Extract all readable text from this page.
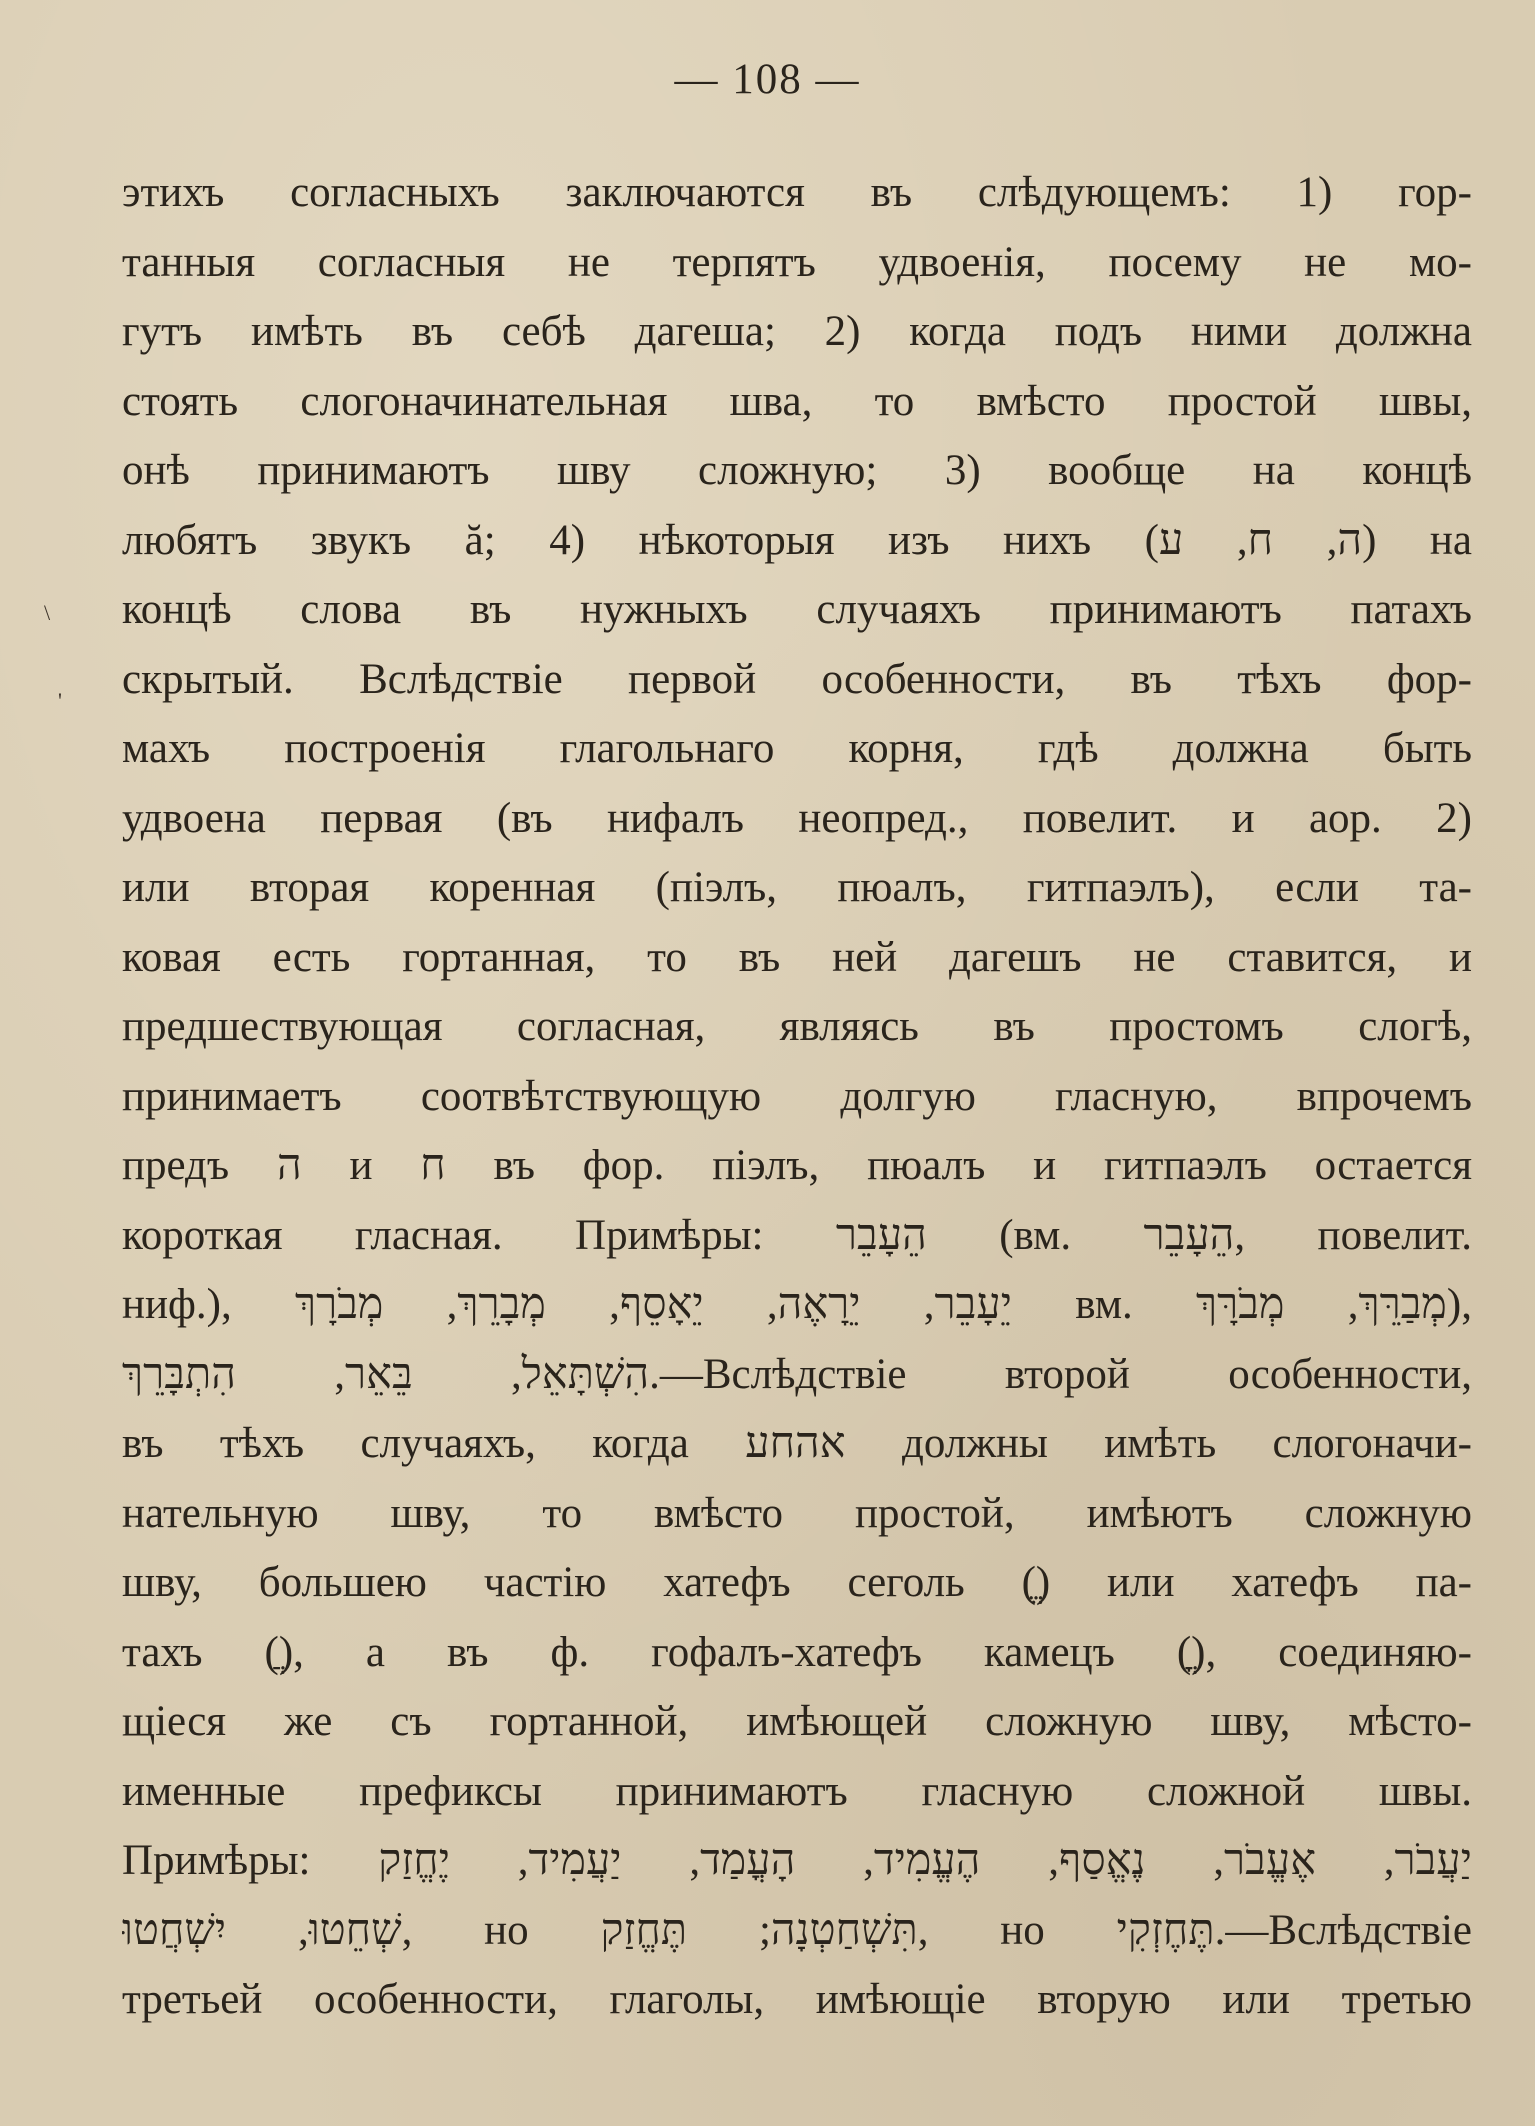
— 108 —
\
'
этихъ согласныхъ заключаются въ слѣдующемъ: 1) гор-
танныя согласныя не терпятъ удвоенія, посему не мо-
гутъ имѣть въ себѣ дагеша; 2) когда подъ ними должна
стоять слогоначинательная шва, то вмѣсто простой швы,
онѣ принимаютъ шву сложную; 3) вообще на концѣ
любятъ звукъ ă; 4) нѣкоторыя изъ нихъ (ה, ח, ע) на
концѣ слова въ нужныхъ случаяхъ принимаютъ патахъ
скрытый. Вслѣдствіе первой особенности, въ тѣхъ фор-
махъ построенія глагольнаго корня, гдѣ должна быть
удвоена первая (въ нифалъ неопред., повелит. и аор. 2)
или вторая коренная (піэлъ, пюалъ, гитпаэлъ), если та-
ковая есть гортанная, то въ ней дагешъ не ставится, и
предшествующая согласная, являясь въ простомъ слогѣ,
принимаетъ соотвѣтствующую долгую гласную, впрочемъ
предъ ה и ח въ фор. піэлъ, пюалъ и гитпаэлъ остается
короткая гласная. Примѣры: הֵעָבֵר (вм. הֵעָבֵר, повелит.
ниф.), יֵעָבֵר, יֵרָאֶה, יֵאָסֵף, מְבָרֵךְ, מְבֹרָךְ вм. מְבַרֵּךְ, מְבֹרָּךְ),
הִשְׁתָּאֵל, בֵּאֵר, הִתְבָּרֵךְ.—Вслѣдствіе второй особенности,
въ тѣхъ случаяхъ, когда אהחע должны имѣть слогоначи-
нательную шву, то вмѣсто простой, имѣютъ сложную
шву, большею частію хатефъ сеголь (ֱ) или хатефъ па-
тахъ (ֲ), а въ ф. гофалъ-хатефъ камецъ (ֳ), соединяю-
щіеся же съ гортанной, имѣющей сложную шву, мѣсто-
именные префиксы принимаютъ гласную сложной швы.
Примѣры: יַעֲבֹר, אֶעֱבֹר, נֶאֱסַף, הֶעֱמִיד, הָעֳמַד, יַעֲמִיד, יֶחֱזַק
שְׁחֵטוּ, יִשְׁחֲטוּ, но תִּשְׁחַטְנָה; תֶּחֱזַק, но תֶּחֶזְקִי.—Вслѣдствіе
третьей особенности, глаголы, имѣющіе вторую или третью
